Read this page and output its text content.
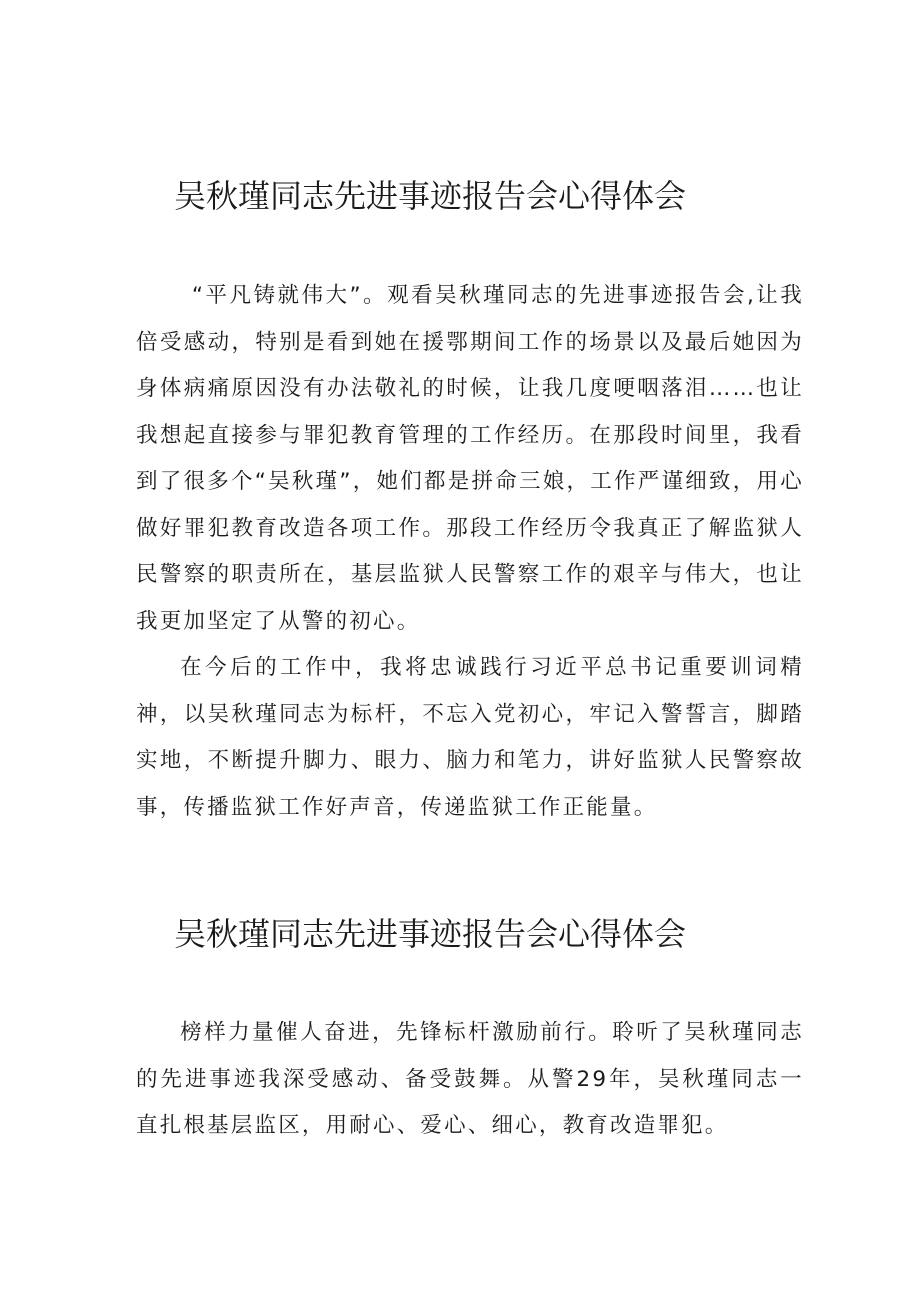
吴秋瑾同志先进事迹报告会心得体会

“平凡铸就伟大”。观看吴秋瑾同志的先进事迹报告会,让我倍受感动，特别是看到她在援鄂期间工作的场景以及最后她因为身体病痛原因没有办法敬礼的时候，让我几度哽咽落泪……也让我想起直接参与罪犯教育管理的工作经历。在那段时间里，我看到了很多个“吴秋瑾”，她们都是拼命三娘，工作严谨细致，用心做好罪犯教育改造各项工作。那段工作经历令我真正了解监狱人民警察的职责所在，基层监狱人民警察工作的艰辛与伟大，也让我更加坚定了从警的初心。

在今后的工作中，我将忠诚践行习近平总书记重要训词精神，以吴秋瑾同志为标杆，不忘入党初心，牢记入警誓言，脚踏实地，不断提升脚力、眼力、脑力和笔力，讲好监狱人民警察故事，传播监狱工作好声音，传递监狱工作正能量。

吴秋瑾同志先进事迹报告会心得体会

榜样力量催人奋进，先锋标杆激励前行。聆听了吴秋瑾同志的先进事迹我深受感动、备受鼓舞。从警29年，吴秋瑾同志一直扎根基层监区，用耐心、爱心、细心，教育改造罪犯。
